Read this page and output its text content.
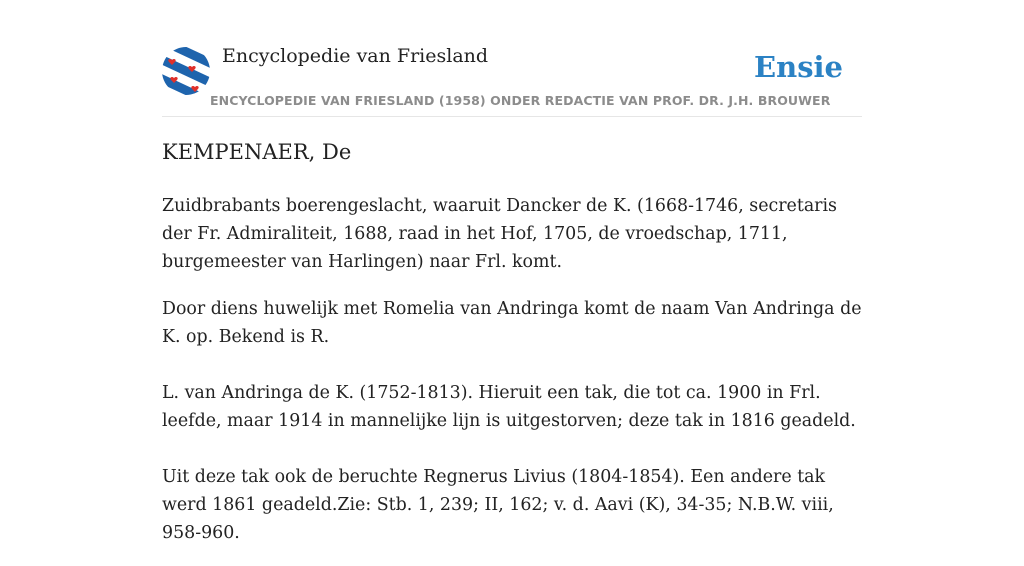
Encyclopedie van Friesland	Ensie
ENCYCLOPEDIE VAN FRIESLAND (1958) ONDER REDACTIE VAN PROF. DR. J.H. BROUWER
KEMPENAER, De

Zuidbrabants boerengeslacht, waaruit Dancker de K. (1668-1746, secretaris der Fr. Admiraliteit, 1688, raad in het Hof, 1705, de vroedschap, 1711, burgemeester van Harlingen) naar Frl. komt.

Door diens huwelijk met Romelia van Andringa komt de naam Van Andringa de K. op. Bekend is R.

L. van Andringa de K. (1752-1813). Hieruit een tak, die tot ca. 1900 in Frl. leefde, maar 1914 in mannelijke lijn is uitgestorven; deze tak in 1816 geadeld.

Uit deze tak ook de beruchte Regnerus Livius (1804-1854). Een andere tak werd 1861 geadeld.Zie: Stb. 1, 239; II, 162; v. d. Aavi (K), 34-35; N.B.W. viii, 958-960.
